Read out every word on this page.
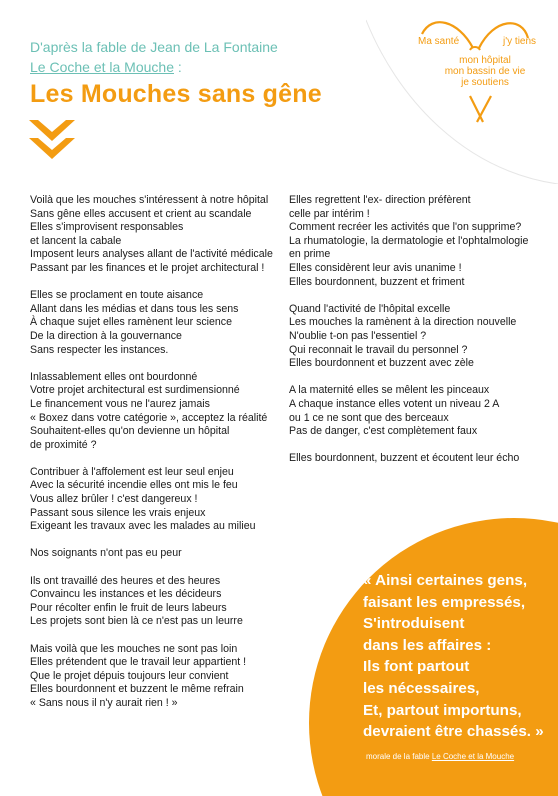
D'après la fable de Jean de La Fontaine
Le Coche et la Mouche :
Les Mouches sans gêne
Ma santé	j'y tiens
mon hôpital
mon bassin de vie
je soutiens
Voilà que les mouches s'intéressent à notre hôpital
Sans gêne elles accusent et crient au scandale
Elles s'improvisent responsables
et lancent la cabale
Imposent leurs analyses allant de l'activité médicale
Passant par les finances et le projet architectural !
Elles se proclament en toute aisance
Allant dans les médias et dans tous les sens
À chaque sujet elles ramènent leur science
De la direction à la gouvernance
Sans respecter les instances.
Inlassablement elles ont bourdonné
Votre projet architectural est surdimensionné
Le financement vous ne l'aurez jamais
« Boxez dans votre catégorie », acceptez la réalité
Souhaitent-elles qu'on devienne un hôpital
de proximité ?
Contribuer à l'affolement est leur seul enjeu
Avec la sécurité incendie elles ont mis le feu
Vous allez brûler ! c'est dangereux !
Passant sous silence les vrais enjeux
Exigeant les travaux avec les malades au milieu
Nos soignants n'ont pas eu peur
Ils ont travaillé des heures et des heures
Convaincu les instances et les décideurs
Pour récolter enfin le fruit de leurs labeurs
Les projets sont bien là ce n'est pas un leurre
Mais voilà que les mouches ne sont pas loin
Elles prétendent que le travail leur appartient !
Que le projet dépuis toujours leur convient
Elles bourdonnent et buzzent le même refrain
« Sans nous il n'y aurait rien ! »
Elles regrettent l'ex- direction préfèrent
celle par intérim !
Comment recréer les activités que l'on supprime?
La rhumatologie, la dermatologie et l'ophtalmologie
en prime
Elles considèrent leur avis unanime !
Elles bourdonnent, buzzent et friment
Quand l'activité de l'hôpital excelle
Les mouches la ramènent à la direction nouvelle
N'oublie t-on pas l'essentiel ?
Qui reconnait le travail du personnel ?
Elles bourdonnent et buzzent avec zèle
A la maternité elles se mêlent les pinceaux
A chaque instance elles votent un niveau 2 A
ou 1 ce ne sont que des berceaux
Pas de danger, c'est complètement faux
Elles bourdonnent, buzzent et écoutent leur écho
« Ainsi certaines gens,
faisant les empressés,
S'introduisent
dans les affaires :
Ils font partout
les nécessaires,
Et, partout importuns,
devraient être chassés. »
morale de la fable Le Coche et la Mouche
